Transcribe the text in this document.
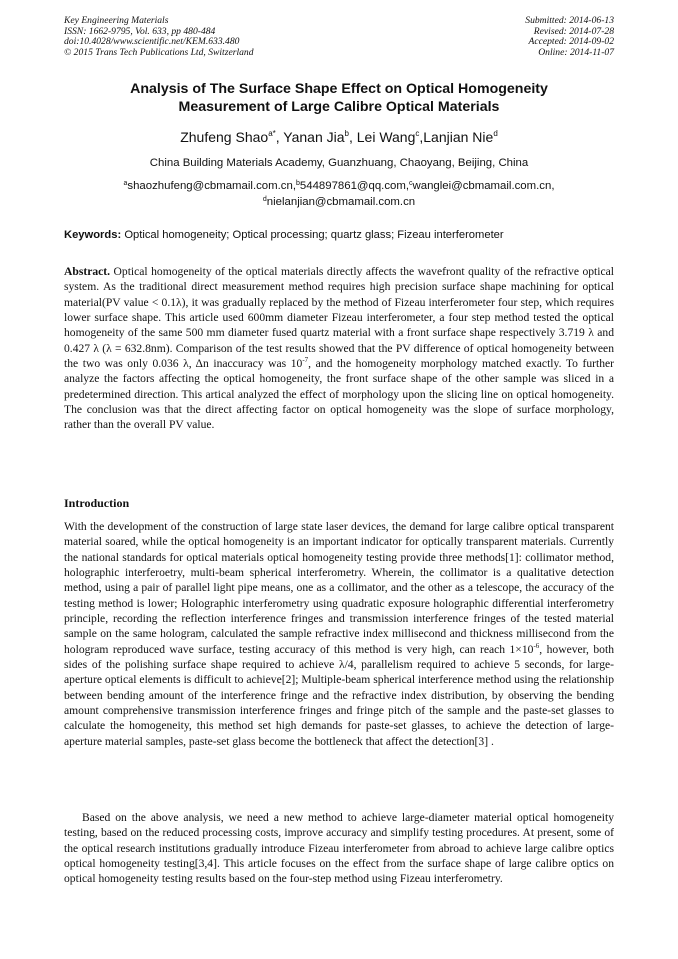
Key Engineering Materials
ISSN: 1662-9795, Vol. 633, pp 480-484
doi:10.4028/www.scientific.net/KEM.633.480
© 2015 Trans Tech Publications Ltd, Switzerland
Submitted: 2014-06-13
Revised: 2014-07-28
Accepted: 2014-09-02
Online: 2014-11-07
Analysis of The Surface Shape Effect on Optical Homogeneity
Measurement of Large Calibre Optical Materials
Zhufeng Shao$^{a*}$, Yanan Jia$^b$, Lei Wang$^c$,Lanjian Nie$^d$
China Building Materials Academy, Guanzhuang, Chaoyang, Beijing, China
$^a$shaozhufeng@cbmamail.com.cn,$^b$544897861@qq.com,$^c$wanglei@cbmamail.com.cn,
$^d$nielanjian@cbmamail.com.cn
Keywords: Optical homogeneity; Optical processing; quartz glass; Fizeau interferometer
Abstract. Optical homogeneity of the optical materials directly affects the wavefront quality of the refractive optical system. As the traditional direct measurement method requires high precision surface shape machining for optical material(PV value < 0.1λ), it was gradually replaced by the method of Fizeau interferometer four step, which requires lower surface shape. This article used 600mm diameter Fizeau interferometer, a four step method tested the optical homogeneity of the same 500 mm diameter fused quartz material with a front surface shape respectively 3.719 λ and 0.427 λ (λ = 632.8nm). Comparison of the test results showed that the PV difference of optical homogeneity between the two was only 0.036 λ, Δn inaccuracy was $10^{-7}$, and the homogeneity morphology matched exactly. To further analyze the factors affecting the optical homogeneity, the front surface shape of the other sample was sliced in a predetermined direction. This artical analyzed the effect of morphology upon the slicing line on optical homogeneity. The conclusion was that the direct affecting factor on optical homogeneity was the slope of surface morphology, rather than the overall PV value.
Introduction
With the development of the construction of large state laser devices, the demand for large calibre optical transparent material soared, while the optical homogeneity is an important indicator for optically transparent materials. Currently the national standards for optical materials optical homogeneity testing provide three methods[1]: collimator method, holographic interferoetry, multi-beam spherical interferometry. Wherein, the collimator is a qualitative detection method, using a pair of parallel light pipe means, one as a collimator, and the other as a telescope, the accuracy of the testing method is lower; Holographic interferometry using quadratic exposure holographic differential interferometry principle, recording the reflection interference fringes and transmission interference fringes of the tested material sample on the same hologram, calculated the sample refractive index millisecond and thickness millisecond from the hologram reproduced wave surface, testing accuracy of this method is very high, can reach $1\times 10^{-6}$, however, both sides of the polishing surface shape required to achieve λ/4, parallelism required to achieve 5 seconds, for large-aperture optical elements is difficult to achieve[2]; Multiple-beam spherical interference method using the relationship between bending amount of the interference fringe and the refractive index distribution, by observing the bending amount comprehensive transmission interference fringes and fringe pitch of the sample and the paste-set glasses to calculate the homogeneity, this method set high demands for paste-set glasses, to achieve the detection of large-aperture material samples, paste-set glass become the bottleneck that affect the detection[3] .
Based on the above analysis, we need a new method to achieve large-diameter material optical homogeneity testing, based on the reduced processing costs, improve accuracy and simplify testing procedures. At present, some of the optical research institutions gradually introduce Fizeau interferometer from abroad to achieve large calibre optics optical homogeneity testing[3,4]. This article focuses on the effect from the surface shape of large calibre optics on optical homogeneity testing results based on the four-step method using Fizeau interferometry.
